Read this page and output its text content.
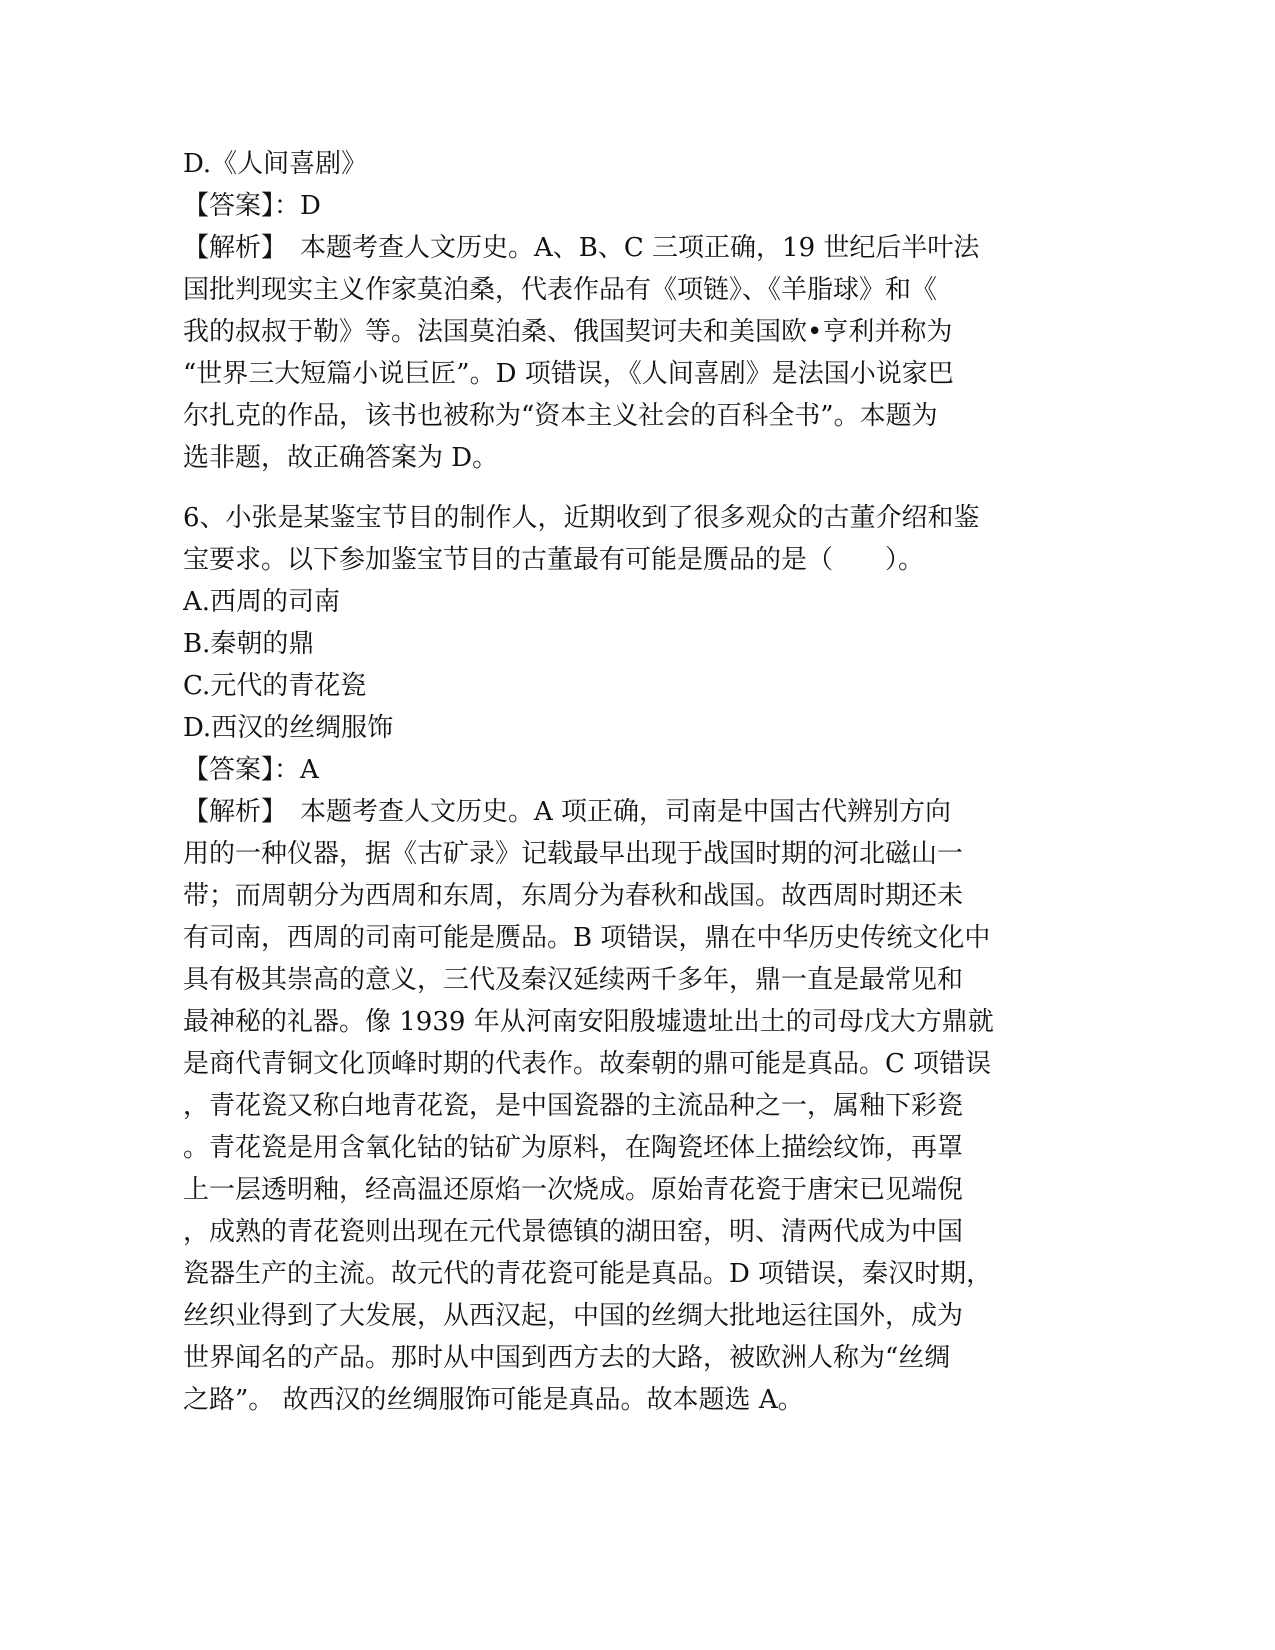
D.《人间喜剧》
【答案】：D
【解析】　本题考查人文历史。A、B、C 三项正确，19 世纪后半叶法
国批判现实主义作家莫泊桑，代表作品有《项链》、《羊脂球》和《
我的叔叔于勒》等。法国莫泊桑、俄国契诃夫和美国欧•亨利并称为
“世界三大短篇小说巨匠”。D 项错误，《人间喜剧》是法国小说家巴
尔扎克的作品，该书也被称为“资本主义社会的百科全书”。本题为
选非题，故正确答案为 D。
6、小张是某鉴宝节目的制作人，近期收到了很多观众的古董介绍和鉴
宝要求。以下参加鉴宝节目的古董最有可能是赝品的是（　　）。
A.西周的司南
B.秦朝的鼎
C.元代的青花瓷
D.西汉的丝绸服饰
【答案】：A
【解析】　本题考查人文历史。A 项正确，司南是中国古代辨别方向
用的一种仪器，据《古矿录》记载最早出现于战国时期的河北磁山一
带；而周朝分为西周和东周，东周分为春秋和战国。故西周时期还未
有司南，西周的司南可能是赝品。B 项错误，鼎在中华历史传统文化中
具有极其崇高的意义，三代及秦汉延续两千多年，鼎一直是最常见和
最神秘的礼器。像 1939 年从河南安阳殷墟遗址出土的司母戊大方鼎就
是商代青铜文化顶峰时期的代表作。故秦朝的鼎可能是真品。C 项错误
，青花瓷又称白地青花瓷，是中国瓷器的主流品种之一，属釉下彩瓷
。青花瓷是用含氧化钴的钴矿为原料，在陶瓷坯体上描绘纹饰，再罩
上一层透明釉，经高温还原焰一次烧成。原始青花瓷于唐宋已见端倪
，成熟的青花瓷则出现在元代景德镇的湖田窑，明、清两代成为中国
瓷器生产的主流。故元代的青花瓷可能是真品。D 项错误，秦汉时期，
丝织业得到了大发展，从西汉起，中国的丝绸大批地运往国外，成为
世界闻名的产品。那时从中国到西方去的大路，被欧洲人称为“丝绸
之路”。 故西汉的丝绸服饰可能是真品。故本题选 A。
